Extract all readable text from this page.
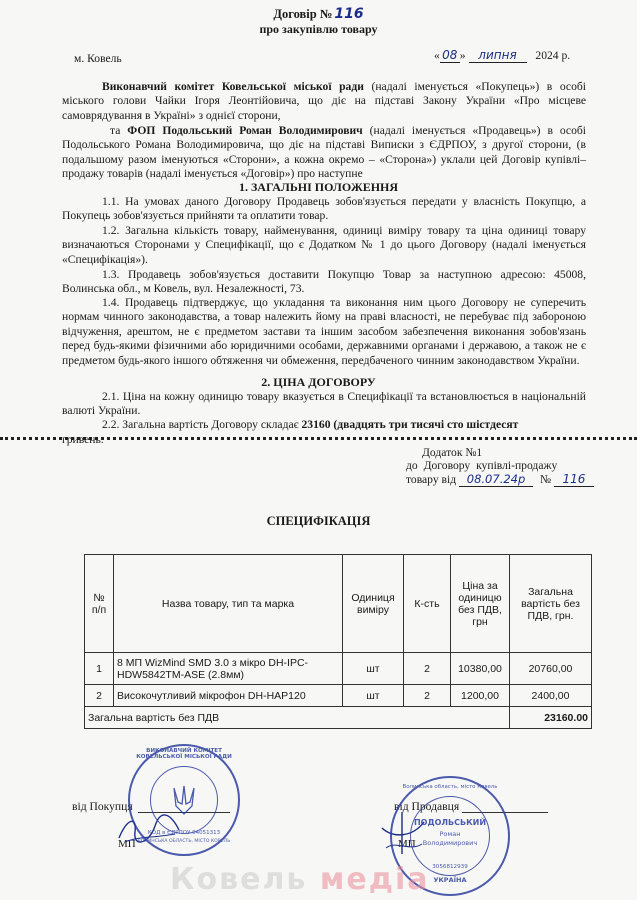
Договір № 116
про закупівлю товару
м. Ковель	« 08 » липня 2024 р.
Виконавчий комітет Ковельської міської ради (надалі іменується «Покупець») в особі міського голови Чайки Ігоря Леонтійовича, що діє на підставі Закону України «Про місцеве самоврядування в Україні» з однієї сторони,
та ФОП Подольський Роман Володимирович (надалі іменується «Продавець») в особі Подольського Романа Володимировича, що діє на підставі Виписки з ЄДРПОУ, з другої сторони, (в подальшому разом іменуються «Сторони», а кожна окремо – «Сторона») уклали цей Договір купівлі–продажу товарів (надалі іменується «Договір») про наступне
1. ЗАГАЛЬНІ ПОЛОЖЕННЯ
1.1. На умовах даного Договору Продавець зобов'язується передати у власність Покупцю, а Покупець зобов'язується прийняти та оплатити товар.
1.2. Загальна кількість товару, найменування, одиниці виміру товару та ціна одиниці товару визначаються Сторонами у Специфікації, що є Додатком № 1 до цього Договору (надалі іменується «Специфікація»).
1.3. Продавець зобов'язується доставити Покупцю Товар за наступною адресою: 45008, Волинська обл., м Ковель, вул. Незалежності, 73.
1.4. Продавець підтверджує, що укладання та виконання ним цього Договору не суперечить нормам чинного законодавства, а товар належить йому на праві власності, не перебуває під забороною відчуження, арештом, не є предметом застави та іншим засобом забезпечення виконання зобов'язань перед будь-якими фізичними або юридичними особами, державними органами і державою, а також не є предметом будь-якого іншого обтяження чи обмеження, передбаченого чинним законодавством України.
2. ЦІНА ДОГОВОРУ
2.1. Ціна на кожну одиницю товару вказується в Специфікації та встановлюється в національній валюті України.
2.2. Загальна вартість Договору складає 23160 (двадцять три тисячі сто шістдесят
гривень.
Додаток №1
до Договору купівлі-продажу
товару від 08.07.24р № 116
СПЕЦИФІКАЦІЯ
№ п/п	Назва товару, тип та марка	Одиниця виміру	К-сть	Ціна за одиницю без ПДВ, грн	Загальна вартість без ПДВ, грн.
1	8 МП WizMind SMD 3.0 з мікро DH-IPC-HDW5842TM-ASE (2.8мм)	шт	2	10380,00	20760,00
2	Високочутливий мікрофон DH-HAP120	шт	2	1200,00	2400,00
Загальна вартість без ПДВ					23160.00
від Покупця
МП
від Продавця
МП
ВИКОНАВЧИЙ КОМІТЕТ КОВЕЛЬСЬКОЇ МІСЬКОЇ РАДИ
КОД в ЄДРПОУ 04051313
ВОЛИНСЬКА ОБЛАСТЬ, МІСТО КОВЕЛЬ
Волинська область, місто Ковель
ПОДОЛЬСЬКИЙ
Роман
Володимирович
УКРАЇНА
3056812939
Ковель медіа
